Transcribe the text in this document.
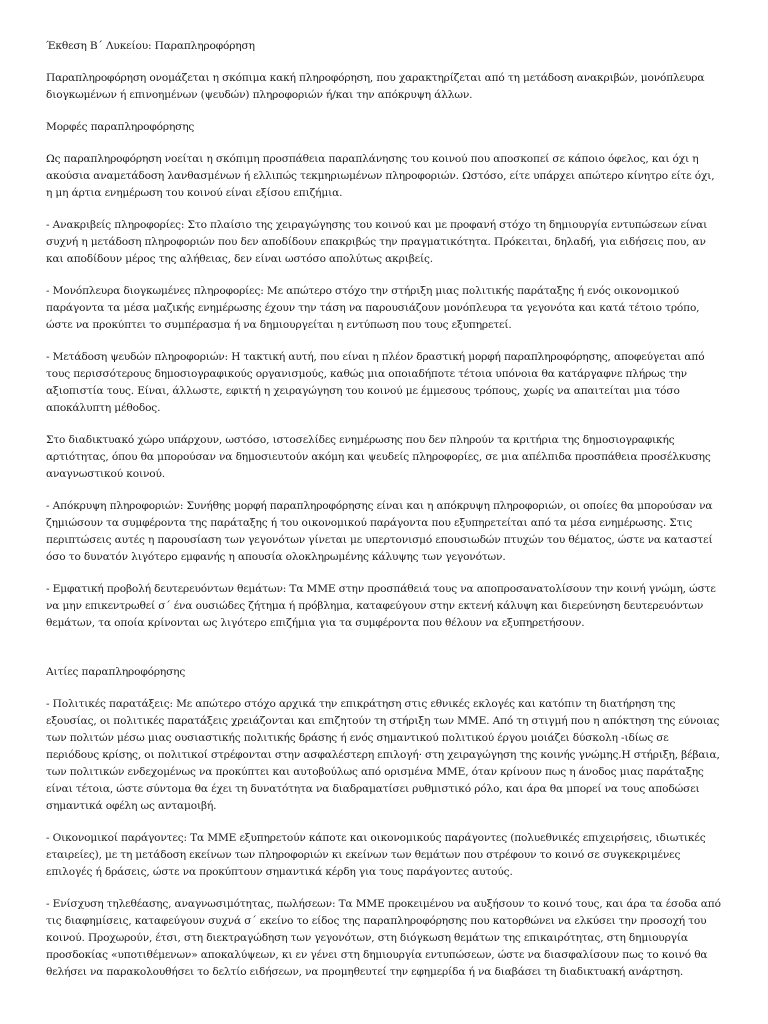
Έκθεση Β΄ Λυκείου: Παραπληροφόρηση

Παραπληροφόρηση ονομάζεται η σκόπιμα κακή πληροφόρηση, που χαρακτηρίζεται από τη μετάδοση ανακριβών, μονόπλευρα διογκωμένων ή επινοημένων (ψευδών) πληροφοριών ή/και την απόκρυψη άλλων.

Μορφές παραπληροφόρησης

Ως παραπληροφόρηση νοείται η σκόπιμη προσπάθεια παραπλάνησης του κοινού που αποσκοπεί σε κάποιο όφελος, και όχι η ακούσια αναμετάδοση λανθασμένων ή ελλιπώς τεκμηριωμένων πληροφοριών. Ωστόσο, είτε υπάρχει απώτερο κίνητρο είτε όχι, η μη άρτια ενημέρωση του κοινού είναι εξίσου επιζήμια.

- Ανακριβείς πληροφορίες: Στο πλαίσιο της χειραγώγησης του κοινού και με προφανή στόχο τη δημιουργία εντυπώσεων είναι συχνή η μετάδοση πληροφοριών που δεν αποδίδουν επακριβώς την πραγματικότητα. Πρόκειται, δηλαδή, για ειδήσεις που, αν και αποδίδουν μέρος της αλήθειας, δεν είναι ωστόσο απολύτως ακριβείς.

- Μονόπλευρα διογκωμένες πληροφορίες: Με απώτερο στόχο την στήριξη μιας πολιτικής παράταξης ή ενός οικονομικού παράγοντα τα μέσα μαζικής ενημέρωσης έχουν την τάση να παρουσιάζουν μονόπλευρα τα γεγονότα και κατά τέτοιο τρόπο, ώστε να προκύπτει το συμπέρασμα ή να δημιουργείται η εντύπωση που τους εξυπηρετεί.

- Μετάδοση ψευδών πληροφοριών: Η τακτική αυτή, που είναι η πλέον δραστική μορφή παραπληροφόρησης, αποφεύγεται από τους περισσότερους δημοσιογραφικούς οργανισμούς, καθώς μια οποιαδήποτε τέτοια υπόνοια θα κατάργαφνε πλήρως την αξιοπιστία τους. Είναι, άλλωστε, εφικτή η χειραγώγηση του κοινού με έμμεσους τρόπους, χωρίς να απαιτείται μια τόσο αποκάλυπτη μέθοδος.

Στο διαδικτυακό χώρο υπάρχουν, ωστόσο, ιστοσελίδες ενημέρωσης που δεν πληρούν τα κριτήρια της δημοσιογραφικής αρτιότητας, όπου θα μπορούσαν να δημοσιευτούν ακόμη και ψευδείς πληροφορίες, σε μια απέλπιδα προσπάθεια προσέλκυσης αναγνωστικού κοινού.

- Απόκρυψη πληροφοριών: Συνήθης μορφή παραπληροφόρησης είναι και η απόκρυψη πληροφοριών, οι οποίες θα μπορούσαν να ζημιώσουν τα συμφέροντα της παράταξης ή του οικονομικού παράγοντα που εξυπηρετείται από τα μέσα ενημέρωσης. Στις περιπτώσεις αυτές η παρουσίαση των γεγονότων γίνεται με υπερτονισμό επουσιωδών πτυχών του θέματος, ώστε να καταστεί όσο το δυνατόν λιγότερο εμφανής η απουσία ολοκληρωμένης κάλυψης των γεγονότων.

- Εμφατική προβολή δευτερευόντων θεμάτων: Τα ΜΜΕ στην προσπάθειά τους να αποπροσανατολίσουν την κοινή γνώμη, ώστε να μην επικεντρωθεί σ΄ ένα ουσιώδες ζήτημα ή πρόβλημα, καταφεύγουν στην εκτενή κάλυψη και διερεύνηση δευτερευόντων θεμάτων, τα οποία κρίνονται ως λιγότερο επιζήμια για τα συμφέροντα που θέλουν να εξυπηρετήσουν.

Αιτίες παραπληροφόρησης

- Πολιτικές παρατάξεις: Με απώτερο στόχο αρχικά την επικράτηση στις εθνικές εκλογές και κατόπιν τη διατήρηση της εξουσίας, οι πολιτικές παρατάξεις χρειάζονται και επιζητούν τη στήριξη των ΜΜΕ. Από τη στιγμή που η απόκτηση της εύνοιας των πολιτών μέσω μιας ουσιαστικής πολιτικής δράσης ή ενός σημαντικού πολιτικού έργου μοιάζει δύσκολη -ιδίως σε περιόδους κρίσης, οι πολιτικοί στρέφονται στην ασφαλέστερη επιλογή· στη χειραγώγηση της κοινής γνώμης.Η στήριξη, βέβαια, των πολιτικών ενδεχομένως να προκύπτει και αυτοβούλως από ορισμένα ΜΜΕ, όταν κρίνουν πως η άνοδος μιας παράταξης είναι τέτοια, ώστε σύντομα θα έχει τη δυνατότητα να διαδραματίσει ρυθμιστικό ρόλο, και άρα θα μπορεί να τους αποδώσει σημαντικά οφέλη ως ανταμοιβή.

- Οικονομικοί παράγοντες: Τα ΜΜΕ εξυπηρετούν κάποτε και οικονομικούς παράγοντες (πολυεθνικές επιχειρήσεις, ιδιωτικές εταιρείες), με τη μετάδοση εκείνων των πληροφοριών κι εκείνων των θεμάτων που στρέφουν το κοινό σε συγκεκριμένες επιλογές ή δράσεις, ώστε να προκύπτουν σημαντικά κέρδη για τους παράγοντες αυτούς.

- Ενίσχυση τηλεθέασης, αναγνωσιμότητας, πωλήσεων: Τα ΜΜΕ προκειμένου να αυξήσουν το κοινό τους, και άρα τα έσοδα από τις διαφημίσεις, καταφεύγουν συχνά σ΄ εκείνο το είδος της παραπληροφόρησης που κατορθώνει να ελκύσει την προσοχή του κοινού. Προχωρούν, έτσι, στη διεκτραγώδηση των γεγονότων, στη διόγκωση θεμάτων της επικαιρότητας, στη δημιουργία προσδοκίας «υποτιθέμενων» αποκαλύψεων, κι εν γένει στη δημιουργία εντυπώσεων, ώστε να διασφαλίσουν πως το κοινό θα θελήσει να παρακολουθήσει το δελτίο ειδήσεων, να προμηθευτεί την εφημερίδα ή να διαβάσει τη διαδικτυακή ανάρτηση.
